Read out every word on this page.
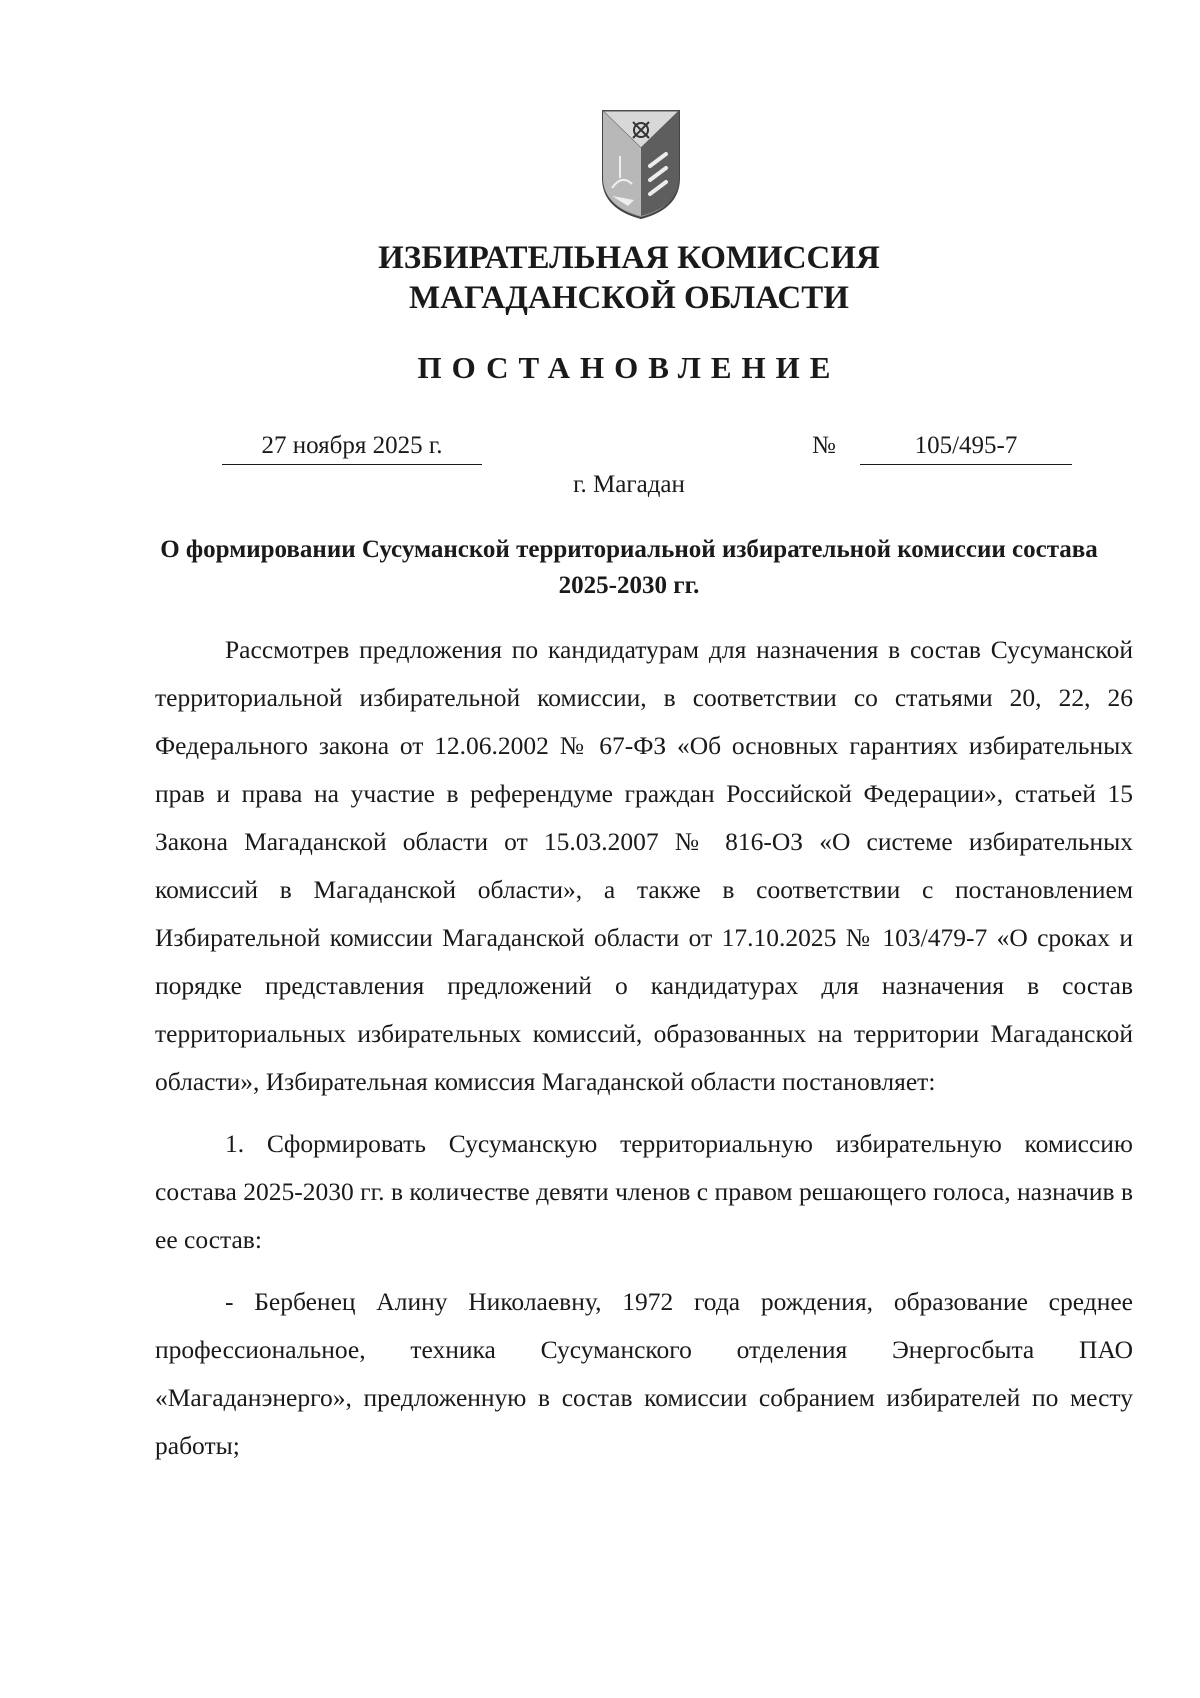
ИЗБИРАТЕЛЬНАЯ КОМИССИЯ
МАГАДАНСКОЙ ОБЛАСТИ
ПОСТАНОВЛЕНИЕ
27 ноября 2025 г.	№	105/495-7

г. Магадан

О формировании Сусуманской территориальной избирательной комиссии состава 2025-2030 гг.

Рассмотрев предложения по кандидатурам для назначения в состав Сусуманской территориальной избирательной комиссии, в соответствии со статьями 20, 22, 26 Федерального закона от 12.06.2002 № 67-ФЗ «Об основных гарантиях избирательных прав и права на участие в референдуме граждан Российской Федерации», статьей 15 Закона Магаданской области от 15.03.2007 № 816-ОЗ «О системе избирательных комиссий в Магаданской области», а также в соответствии с постановлением Избирательной комиссии Магаданской области от 17.10.2025 № 103/479-7 «О сроках и порядке представления предложений о кандидатурах для назначения в состав территориальных избирательных комиссий, образованных на территории Магаданской области», Избирательная комиссия Магаданской области постановляет:

1. Сформировать Сусуманскую территориальную избирательную комиссию состава 2025-2030 гг. в количестве девяти членов с правом решающего голоса, назначив в ее состав:

- Бербенец Алину Николаевну, 1972 года рождения, образование среднее профессиональное, техника Сусуманского отделения Энергосбыта ПАО «Магаданэнерго», предложенную в состав комиссии собранием избирателей по месту работы;
